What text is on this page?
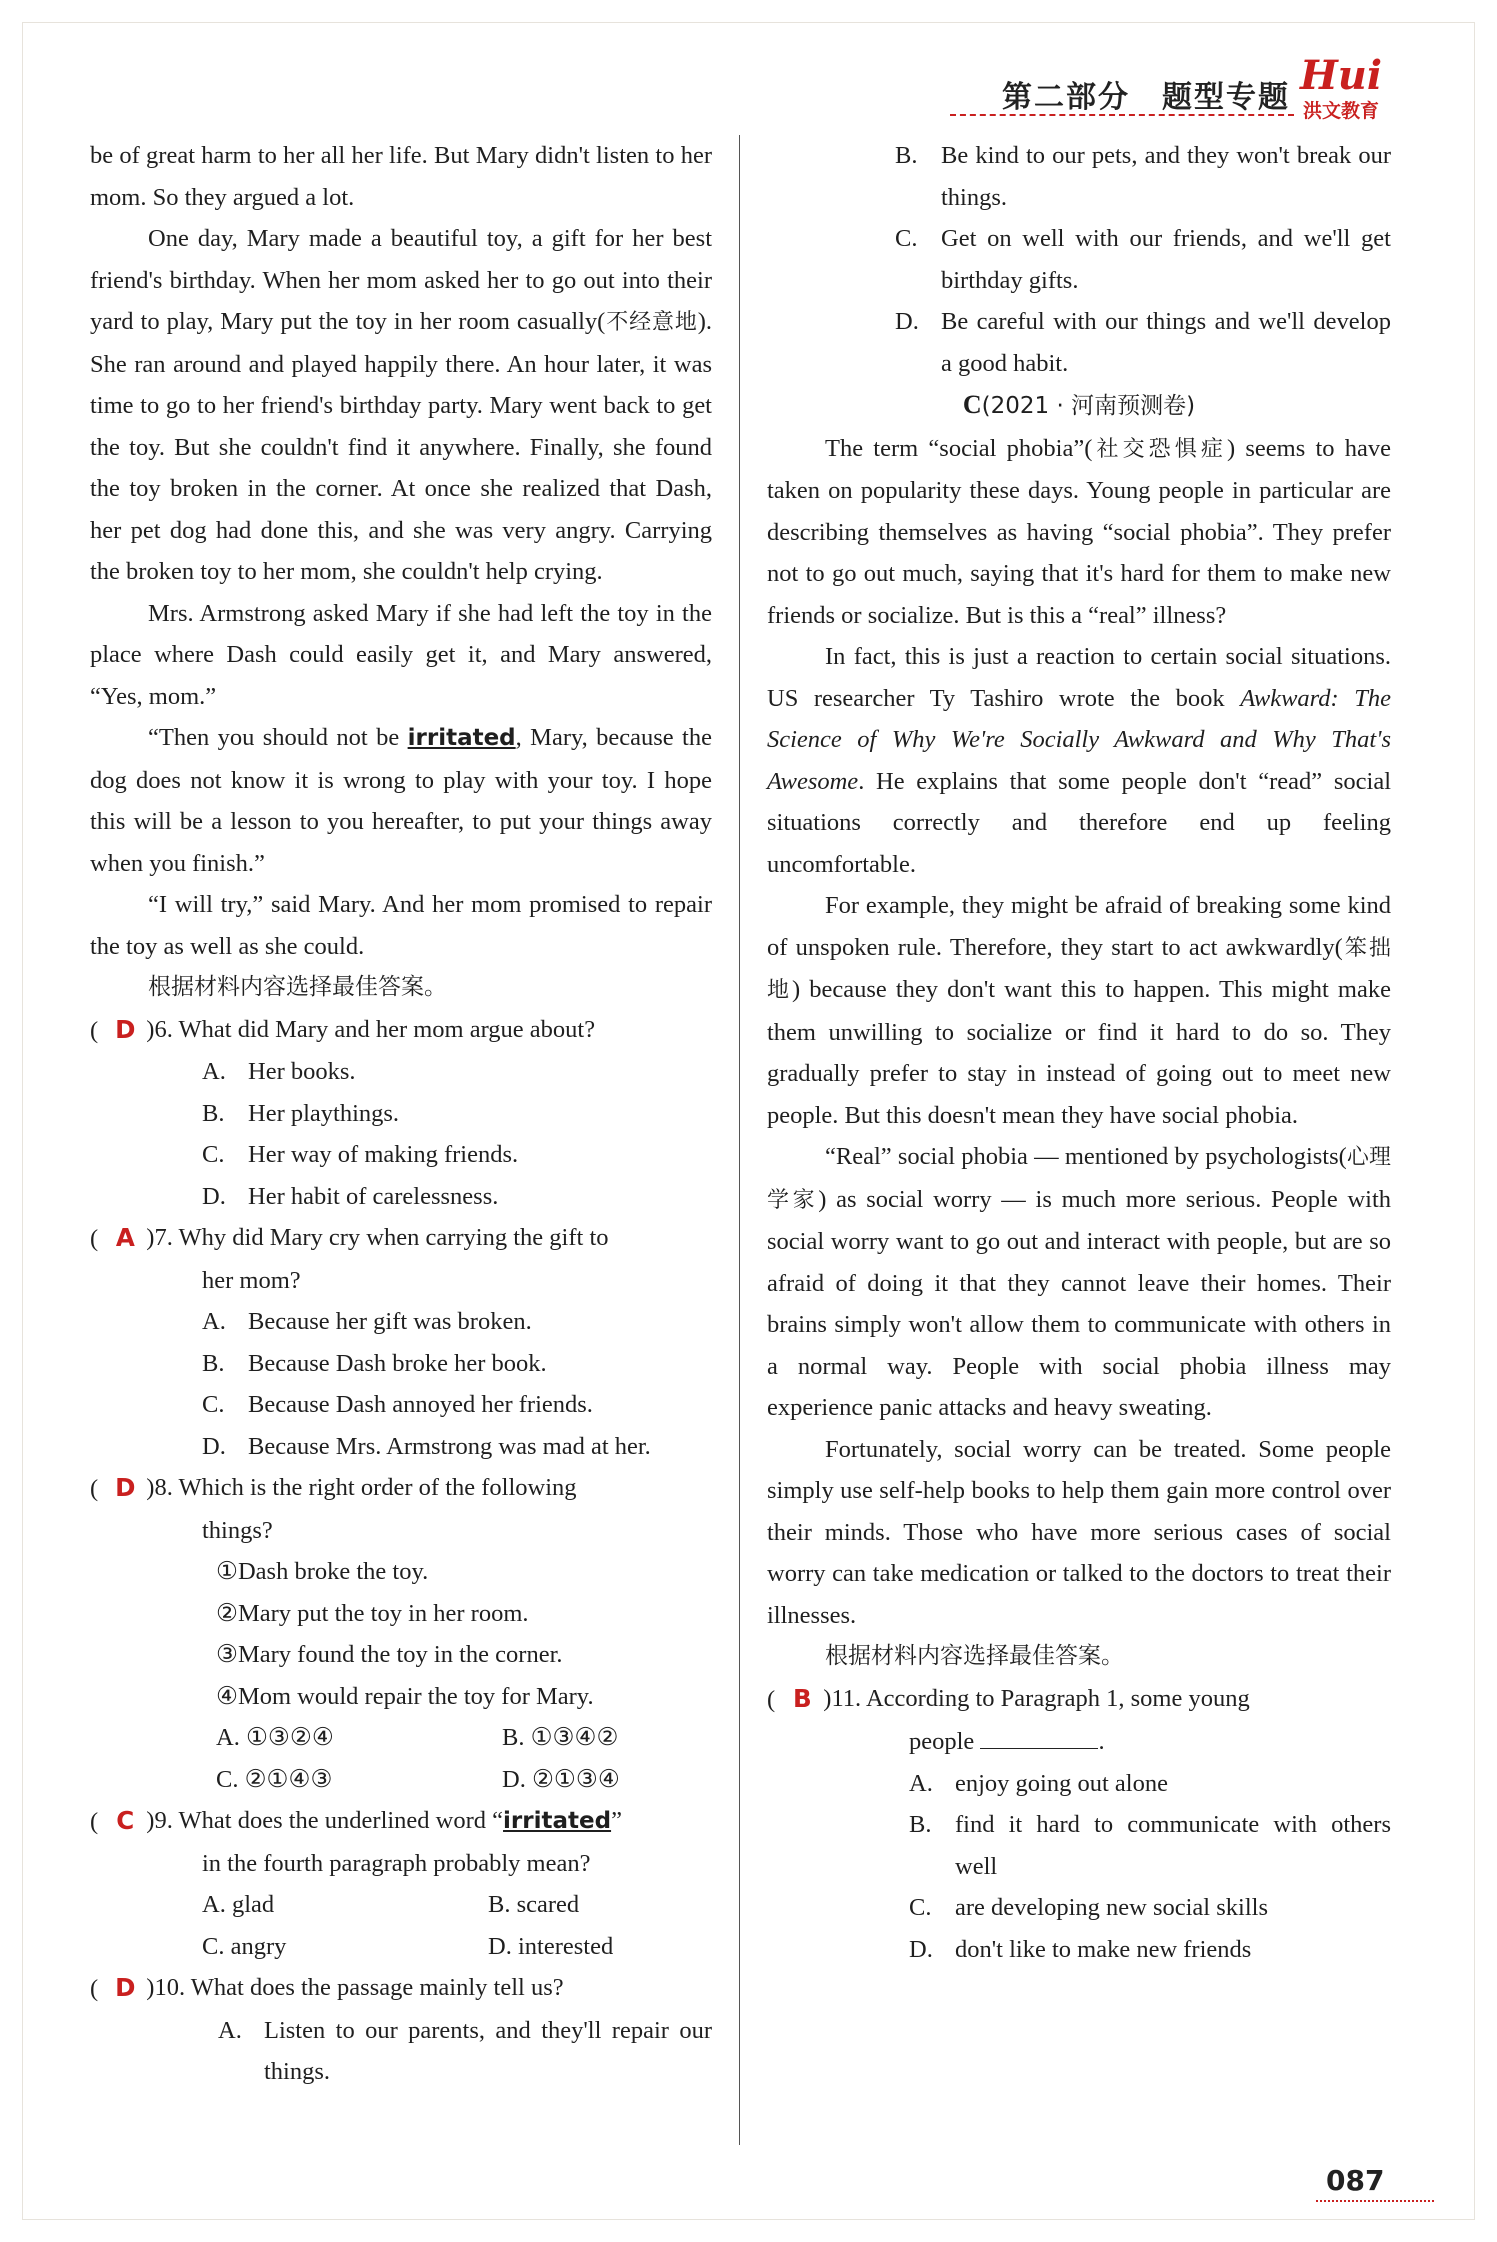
第二部分　题型专题 Hui
洪文教育

be of great harm to her all her life. But Mary didn't listen to her mom. So they argued a lot.

One day, Mary made a beautiful toy, a gift for her best friend's birthday. When her mom asked her to go out into their yard to play, Mary put the toy in her room casually(不经意地). She ran around and played happily there. An hour later, it was time to go to her friend's birthday party. Mary went back to get the toy. But she couldn't find it anywhere. Finally, she found the toy broken in the corner. At once she realized that Dash, her pet dog had done this, and she was very angry. Carrying the broken toy to her mom, she couldn't help crying.

Mrs. Armstrong asked Mary if she had left the toy in the place where Dash could easily get it, and Mary answered, “Yes, mom.”

“Then you should not be irritated, Mary, because the dog does not know it is wrong to play with your toy. I hope this will be a lesson to you hereafter, to put your things away when you finish.”

“I will try,” said Mary. And her mom promised to repair the toy as well as she could.

根据材料内容选择最佳答案。
( D )6. What did Mary and her mom argue about?
A. Her books.
B. Her playthings.
C. Her way of making friends.
D. Her habit of carelessness.
( A )7. Why did Mary cry when carrying the gift to
her mom?
A. Because her gift was broken.
B. Because Dash broke her book.
C. Because Dash annoyed her friends.
D. Because Mrs. Armstrong was mad at her.
( D )8. Which is the right order of the following
things?
①Dash broke the toy.
②Mary put the toy in her room.
③Mary found the toy in the corner.
④Mom would repair the toy for Mary.
A. ①③②④	B. ①③④②
C. ②①④③	D. ②①③④
( C )9. What does the underlined word “irritated”
in the fourth paragraph probably mean?
A. glad	B. scared
C. angry	D. interested
( D )10. What does the passage mainly tell us?
A. Listen to our parents, and they'll repair our things.
B. Be kind to our pets, and they won't break our things.
C. Get on well with our friends, and we'll get birthday gifts.
D. Be careful with our things and we'll develop a good habit.
C(2021 · 河南预测卷)

The term “social phobia”(社交恐惧症) seems to have taken on popularity these days. Young people in particular are describing themselves as having “social phobia”. They prefer not to go out much, saying that it's hard for them to make new friends or socialize. But is this a “real” illness?

In fact, this is just a reaction to certain social situations. US researcher Ty Tashiro wrote the book Awkward: The Science of Why We're Socially Awkward and Why That's Awesome. He explains that some people don't “read” social situations correctly and therefore end up feeling uncomfortable.

For example, they might be afraid of breaking some kind of unspoken rule. Therefore, they start to act awkwardly(笨拙地) because they don't want this to happen. This might make them unwilling to socialize or find it hard to do so. They gradually prefer to stay in instead of going out to meet new people. But this doesn't mean they have social phobia.

“Real” social phobia — mentioned by psychologists(心理学家) as social worry — is much more serious. People with social worry want to go out and interact with people, but are so afraid of doing it that they cannot leave their homes. Their brains simply won't allow them to communicate with others in a normal way. People with social phobia illness may experience panic attacks and heavy sweating.

Fortunately, social worry can be treated. Some people simply use self-help books to help them gain more control over their minds. Those who have more serious cases of social worry can take medication or talked to the doctors to treat their illnesses.

根据材料内容选择最佳答案。
( B )11. According to Paragraph 1, some young
people	.
A. enjoy going out alone
B. find it hard to communicate with others well
C. are developing new social skills
D. don't like to make new friends
087
